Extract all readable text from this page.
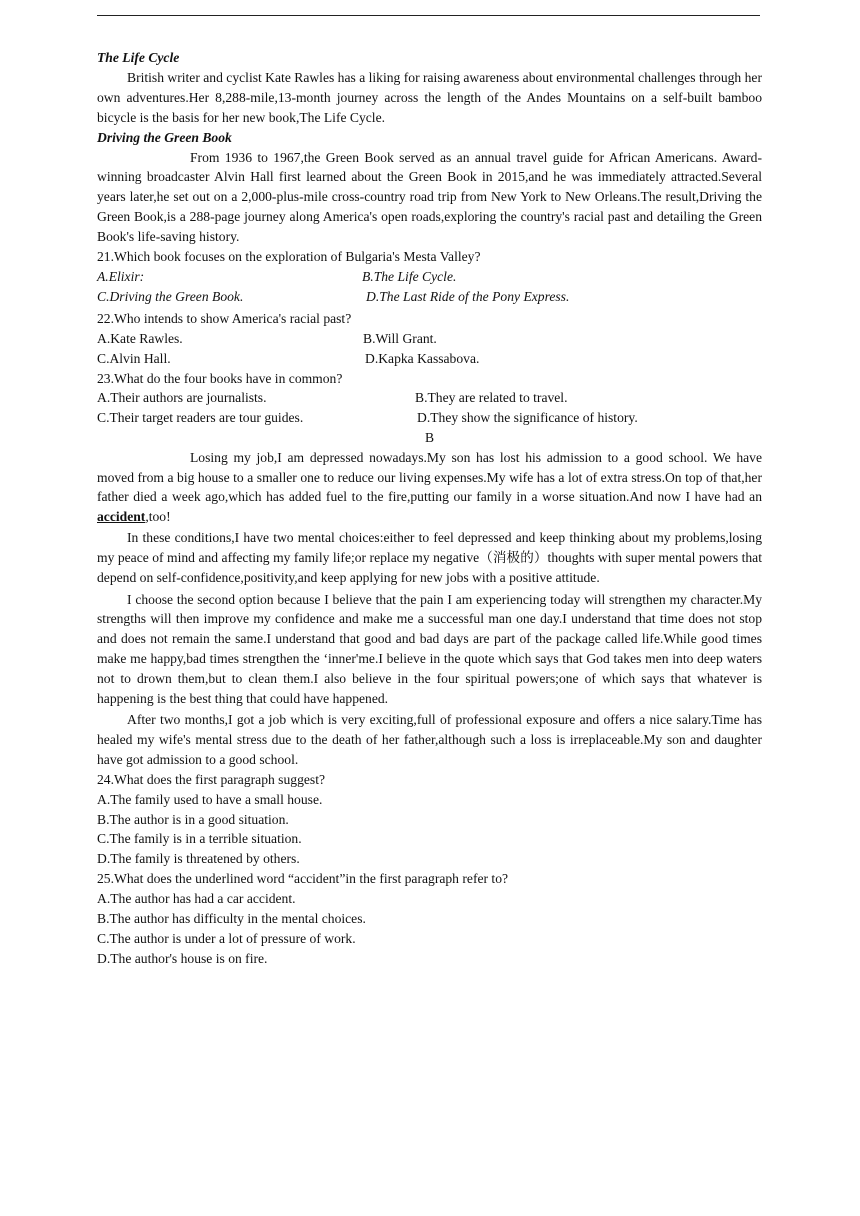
The Life Cycle

British writer and cyclist Kate Rawles has a liking for raising awareness about environmental challenges through her own adventures.Her 8,288-mile,13-month journey across the length of the Andes Mountains on a self-built bamboo bicycle is the basis for her new book,The Life Cycle.

Driving the Green Book

From 1936 to 1967,the Green Book served as an annual travel guide for African Americans. Award-winning broadcaster Alvin Hall first learned about the Green Book in 2015,and he was immediately attracted.Several years later,he set out on a 2,000-plus-mile cross-country road trip from New York to New Orleans.The result,Driving the Green Book,is a 288-page journey along America's open roads,exploring the country's racial past and detailing the Green Book's life-saving history.

21.Which book focuses on the exploration of Bulgaria's Mesta Valley?

A.Elixir:	B.The Life Cycle.
C.Driving the Green Book.	D.The Last Ride of the Pony Express.

22.Who intends to show America's racial past?

A.Kate Rawles.	B.Will Grant.
C.Alvin Hall.	D.Kapka Kassabova.

23.What do the four books have in common?

A.Their authors are journalists.	B.They are related to travel.
C.Their target readers are tour guides.	D.They show the significance of history.

B

Losing my job,I am depressed nowadays.My son has lost his admission to a good school. We have moved from a big house to a smaller one to reduce our living expenses.My wife has a lot of extra stress.On top of that,her father died a week ago,which has added fuel to the fire,putting our family in a worse situation.And now I have had an accident,too!

In these conditions,I have two mental choices:either to feel depressed and keep thinking about my problems,losing my peace of mind and affecting my family life;or replace my negative（消极的）thoughts with super mental powers that depend on self-confidence,positivity,and keep applying for new jobs with a positive attitude.

I choose the second option because I believe that the pain I am experiencing today will strengthen my character.My strengths will then improve my confidence and make me a successful man one day.I understand that time does not stop and does not remain the same.I understand that good and bad days are part of the package called life.While good times make me happy,bad times strengthen the ‘inner'me.I believe in the quote which says that God takes men into deep waters not to drown them,but to clean them.I also believe in the four spiritual powers;one of which says that whatever is happening is the best thing that could have happened.

After two months,I got a job which is very exciting,full of professional exposure and offers a nice salary.Time has healed my wife's mental stress due to the death of her father,although such a loss is irreplaceable.My son and daughter have got admission to a good school.

24.What does the first paragraph suggest?

A.The family used to have a small house.

B.The author is in a good situation.

C.The family is in a terrible situation.

D.The family is threatened by others.

25.What does the underlined word “accident”in the first paragraph refer to?

A.The author has had a car accident.

B.The author has difficulty in the mental choices.

C.The author is under a lot of pressure of work.

D.The author's house is on fire.
